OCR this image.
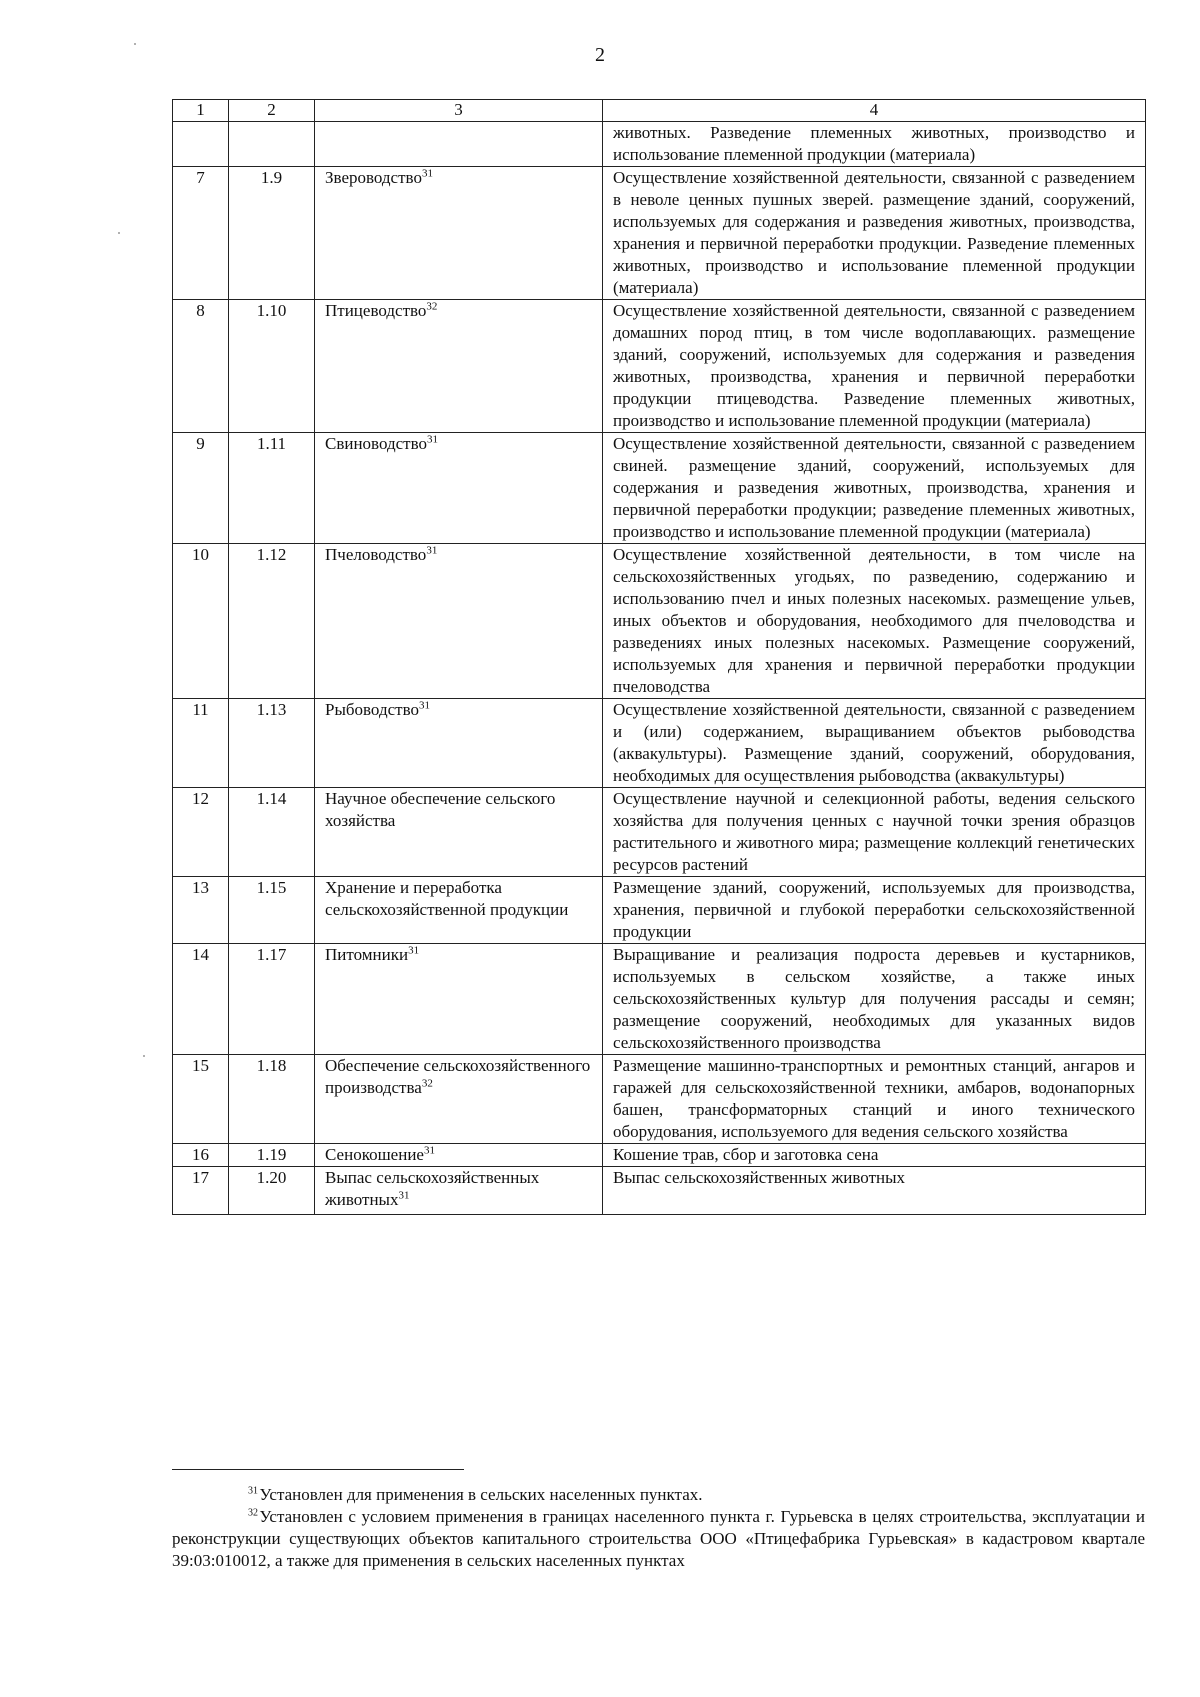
2
1	2	3	4
			животных. Разведение племенных животных, производство и использование племенной продукции (материала)
7	1.9	Звероводство$^{31}$	Осуществление хозяйственной деятельности, связанной с разведением в неволе ценных пушных зверей. размещение зданий, сооружений, используемых для содержания и разведения животных, производства, хранения и первичной переработки продукции. Разведение племенных животных, производство и использование племенной продукции (материала)
8	1.10	Птицеводство$^{32}$	Осуществление хозяйственной деятельности, связанной с разведением домашних пород птиц, в том числе водоплавающих. размещение зданий, сооружений, используемых для содержания и разведения животных, производства, хранения и первичной переработки продукции птицеводства. Разведение племенных животных, производство и использование племенной продукции (материала)
9	1.11	Свиноводство$^{31}$	Осуществление хозяйственной деятельности, связанной с разведением свиней. размещение зданий, сооружений, используемых для содержания и разведения животных, производства, хранения и первичной переработки продукции; разведение племенных животных, производство и использование племенной продукции (материала)
10	1.12	Пчеловодство$^{31}$	Осуществление хозяйственной деятельности, в том числе на сельскохозяйственных угодьях, по разведению, содержанию и использованию пчел и иных полезных насекомых. размещение ульев, иных объектов и оборудования, необходимого для пчеловодства и разведениях иных полезных насекомых. Размещение сооружений, используемых для хранения и первичной переработки продукции пчеловодства
11	1.13	Рыбоводство$^{31}$	Осуществление хозяйственной деятельности, связанной с разведением и (или) содержанием, выращиванием объектов рыбоводства (аквакультуры). Размещение зданий, сооружений, оборудования, необходимых для осуществления рыбоводства (аквакультуры)
12	1.14	Научное обеспечение сельского хозяйства	Осуществление научной и селекционной работы, ведения сельского хозяйства для получения ценных с научной точки зрения образцов растительного и животного мира; размещение коллекций генетических ресурсов растений
13	1.15	Хранение и переработка сельскохозяйственной продукции	Размещение зданий, сооружений, используемых для производства, хранения, первичной и глубокой переработки сельскохозяйственной продукции
14	1.17	Питомники$^{31}$	Выращивание и реализация подроста деревьев и кустарников, используемых в сельском хозяйстве, а также иных сельскохозяйственных культур для получения рассады и семян; размещение сооружений, необходимых для указанных видов сельскохозяйственного производства
15	1.18	Обеспечение сельскохозяйственного производства$^{32}$	Размещение машинно-транспортных и ремонтных станций, ангаров и гаражей для сельскохозяйственной техники, амбаров, водонапорных башен, трансформаторных станций и иного технического оборудования, используемого для ведения сельского хозяйства
16	1.19	Сенокошение$^{31}$	Кошение трав, сбор и заготовка сена
17	1.20	Выпас сельскохозяйственных животных$^{31}$	Выпас сельскохозяйственных животных

$^{31}$ Установлен для применения в сельских населенных пунктах.

$^{32}$ Установлен с условием применения в границах населенного пункта г. Гурьевска в целях строительства, эксплуатации и реконструкции существующих объектов капитального строительства ООО «Птицефабрика Гурьевская» в кадастровом квартале 39:03:010012, а также для применения в сельских населенных пунктах
